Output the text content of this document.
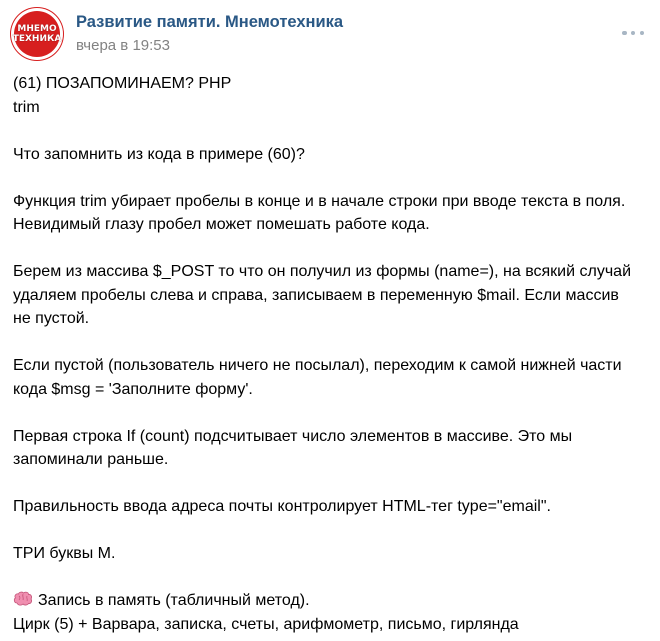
МНЕМО
ТЕХНИКА
Развитие памяти. Мнемотехника
вчера в 19:53
(61) ПОЗАПОМИНАЕМ? PHP
trim
Что запомнить из кода в примере (60)?
Функция trim убирает пробелы в конце и в начале строки при вводе текста в поля.
Невидимый глазу пробел может помешать работе кода.
Берем из массива $_POST то что он получил из формы (name=), на всякий случай
удаляем пробелы слева и справа, записываем в переменную $mail. Если массив
не пустой.
Если пустой (пользователь ничего не посылал), переходим к самой нижней части
кода $msg = 'Заполните форму'.
Первая строка If (count) подсчитывает число элементов в массиве. Это мы
запоминали раньше.
Правильность ввода адреса почты контролирует HTML-тег type="email".
ТРИ буквы М.
Запись в память (табличный метод).
Цирк (5) + Варвара, записка, счеты, арифмометр, письмо, гирлянда
